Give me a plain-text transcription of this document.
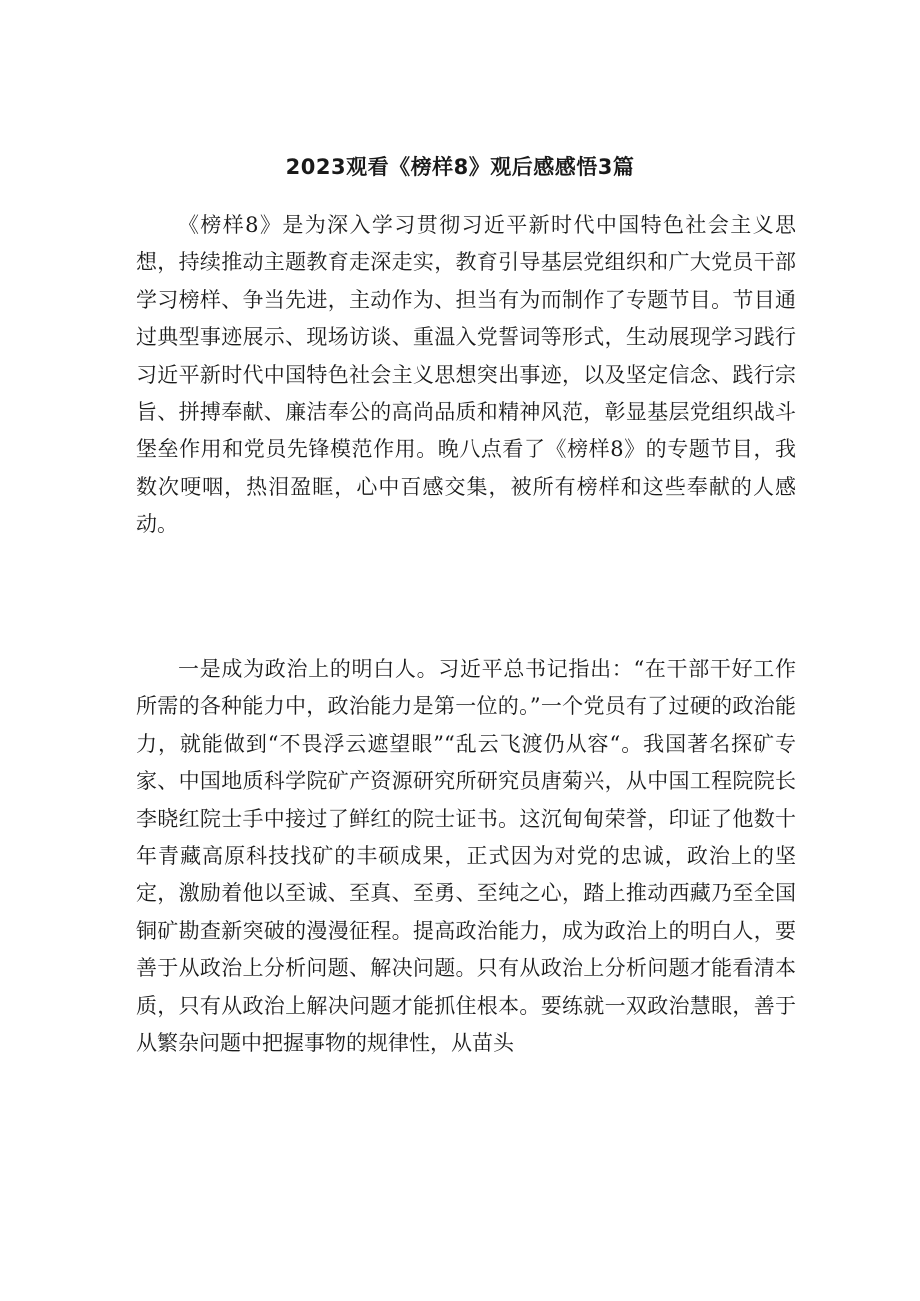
2023观看《榜样8》观后感感悟3篇

《榜样8》是为深入学习贯彻习近平新时代中国特色社会主义思想，持续推动主题教育走深走实，教育引导基层党组织和广大党员干部学习榜样、争当先进，主动作为、担当有为而制作了专题节目。节目通过典型事迹展示、现场访谈、重温入党誓词等形式，生动展现学习践行习近平新时代中国特色社会主义思想突出事迹，以及坚定信念、践行宗旨、拼搏奉献、廉洁奉公的高尚品质和精神风范，彰显基层党组织战斗堡垒作用和党员先锋模范作用。晚八点看了《榜样8》的专题节目，我数次哽咽，热泪盈眶，心中百感交集，被所有榜样和这些奉献的人感动。

一是成为政治上的明白人。习近平总书记指出：“在干部干好工作所需的各种能力中，政治能力是第一位的。”一个党员有了过硬的政治能力，就能做到“不畏浮云遮望眼”“乱云飞渡仍从容“。我国著名探矿专家、中国地质科学院矿产资源研究所研究员唐菊兴，从中国工程院院长李晓红院士手中接过了鲜红的院士证书。这沉甸甸荣誉，印证了他数十年青藏高原科技找矿的丰硕成果，正式因为对党的忠诚，政治上的坚定，激励着他以至诚、至真、至勇、至纯之心，踏上推动西藏乃至全国铜矿勘查新突破的漫漫征程。提高政治能力，成为政治上的明白人，要善于从政治上分析问题、解决问题。只有从政治上分析问题才能看清本质，只有从政治上解决问题才能抓住根本。要练就一双政治慧眼，善于从繁杂问题中把握事物的规律性，从苗头
